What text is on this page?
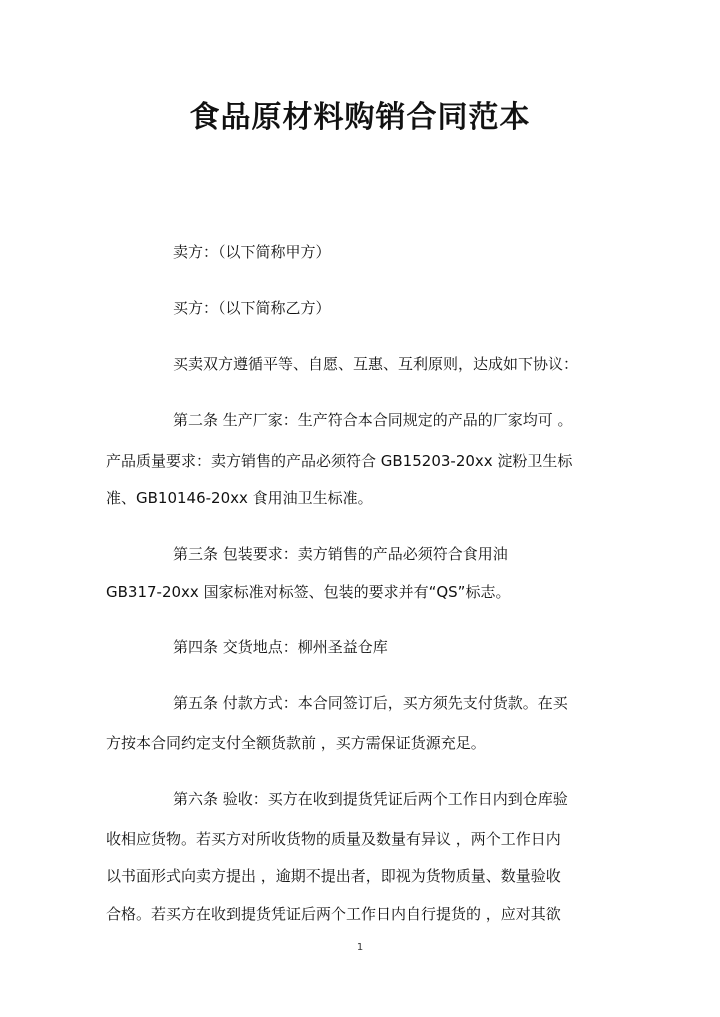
食品原材料购销合同范本

卖方：（以下简称甲方）

买方：（以下简称乙方）

买卖双方遵循平等、自愿、互惠、互利原则，达成如下协议：

第二条 生产厂家：生产符合本合同规定的产品的厂家均可 。

产品质量要求：卖方销售的产品必须符合 GB15203-20xx 淀粉卫生标

准、GB10146-20xx 食用油卫生标准。

第三条 包装要求：卖方销售的产品必须符合食用油

GB317-20xx 国家标准对标签、包装的要求并有“QS”标志。

第四条 交货地点：柳州圣益仓库

第五条 付款方式：本合同签订后，买方须先支付货款。在买

方按本合同约定支付全额货款前 ，买方需保证货源充足。

第六条 验收：买方在收到提货凭证后两个工作日内到仓库验

收相应货物。若买方对所收货物的质量及数量有异议 ，两个工作日内

以书面形式向卖方提出 ，逾期不提出者，即视为货物质量、数量验收

合格。若买方在收到提货凭证后两个工作日内自行提货的 ，应对其欲

1
